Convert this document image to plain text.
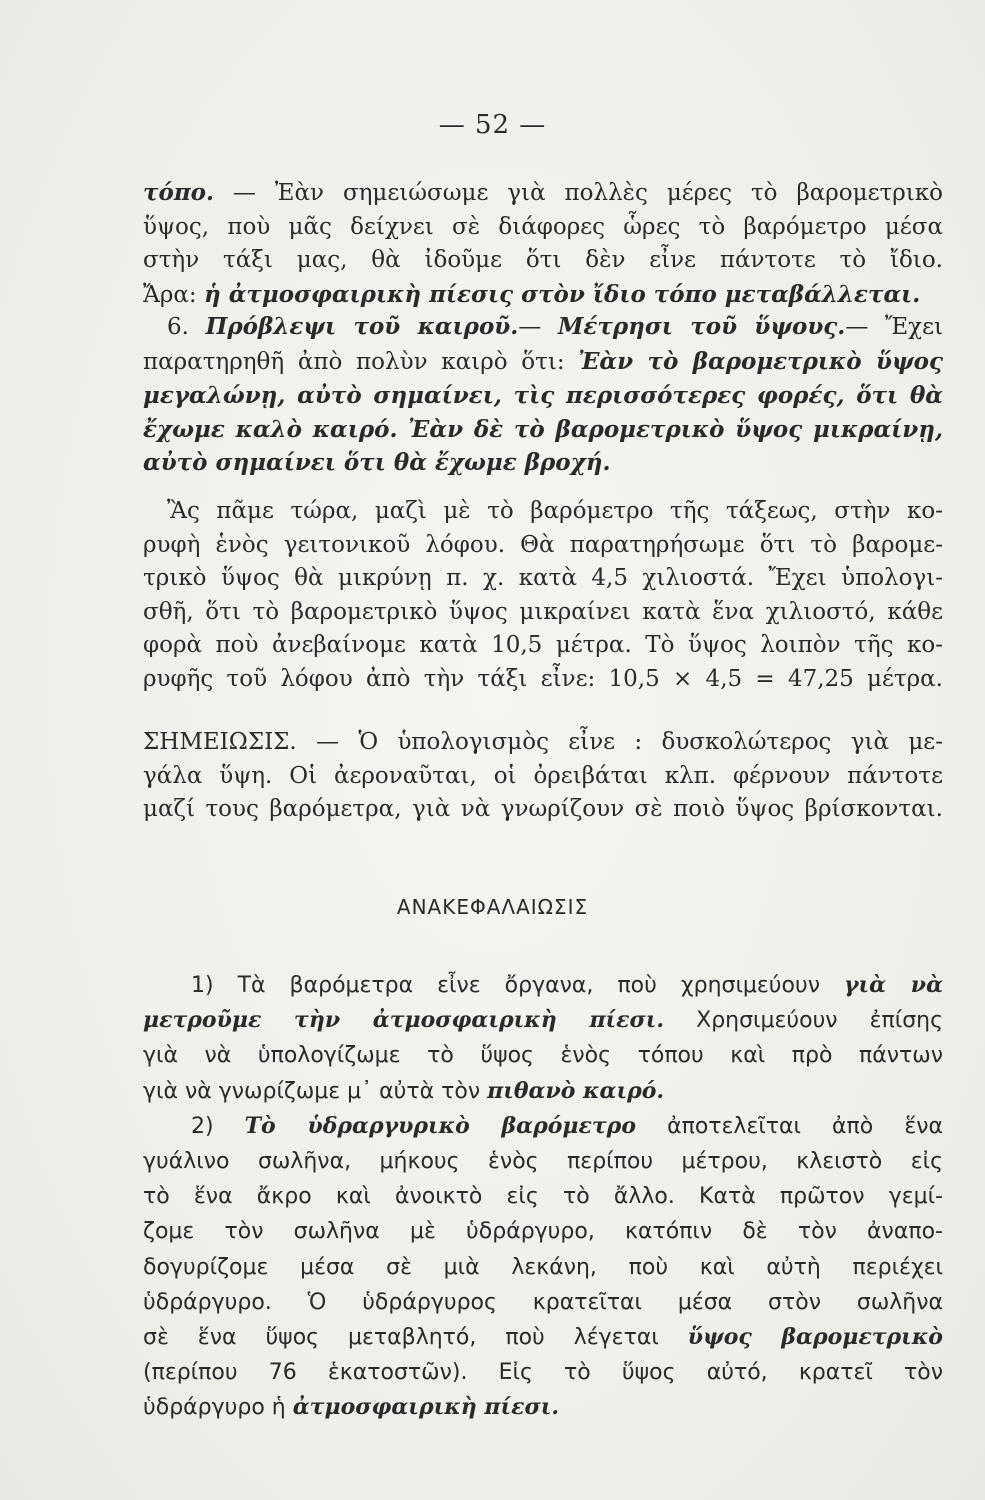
— 52 —
τόπο. — Ἐὰν σημειώσωμε γιὰ πολλὲς μέρες τὸ βαρομετρικὸ
ὕψος, ποὺ μᾶς δείχνει σὲ διάφορες ὧρες τὸ βαρόμετρο μέσα
στὴν τάξι μας, θὰ ἰδοῦμε ὅτι δὲν εἶνε πάντοτε τὸ ἴδιο.
Ἄρα: ἡ ἀτμοσφαιρικὴ πίεσις στὸν ἴδιο τόπο μεταβάλλεται.
6. Πρόβλεψι τοῦ καιροῦ.— Μέτρησι τοῦ ὕψους.— Ἔχει
παρατηρηθῆ ἀπὸ πολὺν καιρὸ ὅτι: Ἐὰν τὸ βαρομετρικὸ ὕψος
μεγαλώνῃ, αὐτὸ σημαίνει, τὶς περισσότερες φορές, ὅτι θὰ
ἔχωμε καλὸ καιρό. Ἐὰν δὲ τὸ βαρομετρικὸ ὕψος μικραίνῃ,
αὐτὸ σημαίνει ὅτι θὰ ἔχωμε βροχή.
Ἂς πᾶμε τώρα, μαζὶ μὲ τὸ βαρόμετρο τῆς τάξεως, στὴν κο-
ρυφὴ ἑνὸς γειτονικοῦ λόφου. Θὰ παρατηρήσωμε ὅτι τὸ βαρομε-
τρικὸ ὕψος θὰ μικρύνῃ π. χ. κατὰ 4,5 χιλιοστά. Ἔχει ὑπολογι-
σθῆ, ὅτι τὸ βαρομετρικὸ ὕψος μικραίνει κατὰ ἕνα χιλιοστό, κάθε
φορὰ ποὺ ἀνεβαίνομε κατὰ 10,5 μέτρα. Τὸ ὕψος λοιπὸν τῆς κο-
ρυφῆς τοῦ λόφου ἀπὸ τὴν τάξι εἶνε: 10,5 × 4,5 = 47,25 μέτρα.
ΣΗΜΕΙΩΣΙΣ. — Ὁ ὑπολογισμὸς εἶνε : δυσκολώτερος γιὰ με-
γάλα ὕψη. Οἱ ἀεροναῦται, οἱ ὀρειβάται κλπ. φέρνουν πάντοτε
μαζί τους βαρόμετρα, γιὰ νὰ γνωρίζουν σὲ ποιὸ ὕψος βρίσκονται.
ΑΝΑΚΕΦΑΛΑΙΩΣΙΣ
1) Τὰ βαρόμετρα εἶνε ὄργανα, ποὺ χρησιμεύουν γιὰ νὰ
μετροῦμε τὴν ἀτμοσφαιρικὴ πίεσι. Χρησιμεύουν ἐπίσης
γιὰ νὰ ὑπολογίζωμε τὸ ὕψος ἑνὸς τόπου καὶ πρὸ πάντων
γιὰ νὰ γνωρίζωμε μ᾿ αὐτὰ τὸν πιθανὸ καιρό.
2) Τὸ ὑδραργυρικὸ βαρόμετρο ἀποτελεῖται ἀπὸ ἕνα
γυάλινο σωλῆνα, μήκους ἑνὸς περίπου μέτρου, κλειστὸ εἰς
τὸ ἕνα ἄκρο καὶ ἀνοικτὸ εἰς τὸ ἄλλο. Κατὰ πρῶτον γεμί-
ζομε τὸν σωλῆνα μὲ ὑδράργυρο, κατόπιν δὲ τὸν ἀναπο-
δογυρίζομε μέσα σὲ μιὰ λεκάνη, ποὺ καὶ αὐτὴ περιέχει
ὑδράργυρο. Ὁ ὑδράργυρος κρατεῖται μέσα στὸν σωλῆνα
σὲ ἕνα ὕψος μεταβλητό, ποὺ λέγεται ὕψος βαρομετρικὸ
(περίπου 76 ἑκατοστῶν). Εἰς τὸ ὕψος αὐτό, κρατεῖ τὸν
ὑδράργυρο ἡ ἀτμοσφαιρικὴ πίεσι.
